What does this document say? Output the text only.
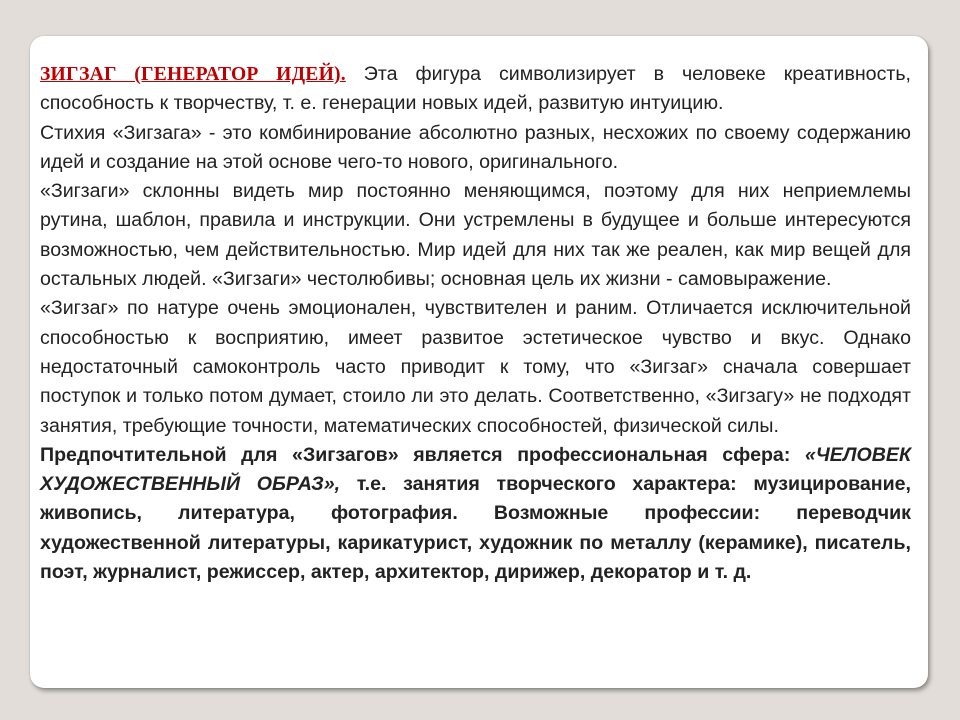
ЗИГЗАГ (ГЕНЕРАТОР ИДЕЙ). Эта фигура символизирует в человеке креативность, способность к творчеству, т. е. генерации новых идей, развитую интуицию.

Стихия «Зигзага» - это комбинирование абсолютно разных, несхожих по своему содержанию идей и создание на этой основе чего-то нового, оригинального.

«Зигзаги» склонны видеть мир постоянно меняющимся, поэтому для них неприемлемы рутина, шаблон, правила и инструкции. Они устремлены в будущее и больше интересуются возможностью, чем действительностью. Мир идей для них так же реален, как мир вещей для остальных людей. «Зигзаги» честолюбивы; основная цель их жизни - самовыражение.

«Зигзаг» по натуре очень эмоционален, чувствителен и раним. Отличается исключительной способностью к восприятию, имеет развитое эстетическое чувство и вкус. Однако недостаточный самоконтроль часто приводит к тому, что «Зигзаг» сначала совершает поступок и только потом думает, стоило ли это делать. Соответственно, «Зигзагу» не подходят занятия, требующие точности, математических способностей, физической силы.

Предпочтительной для «Зигзагов» является профессиональная сфера: «ЧЕЛОВЕК ХУДОЖЕСТВЕННЫЙ ОБРАЗ», т.е. занятия творческого характера: музицирование, живопись, литература, фотография. Возможные профессии: переводчик художественной литературы, карикатурист, художник по металлу (керамике), писатель, поэт, журналист, режиссер, актер, архитектор, дирижер, декоратор и т. д.
